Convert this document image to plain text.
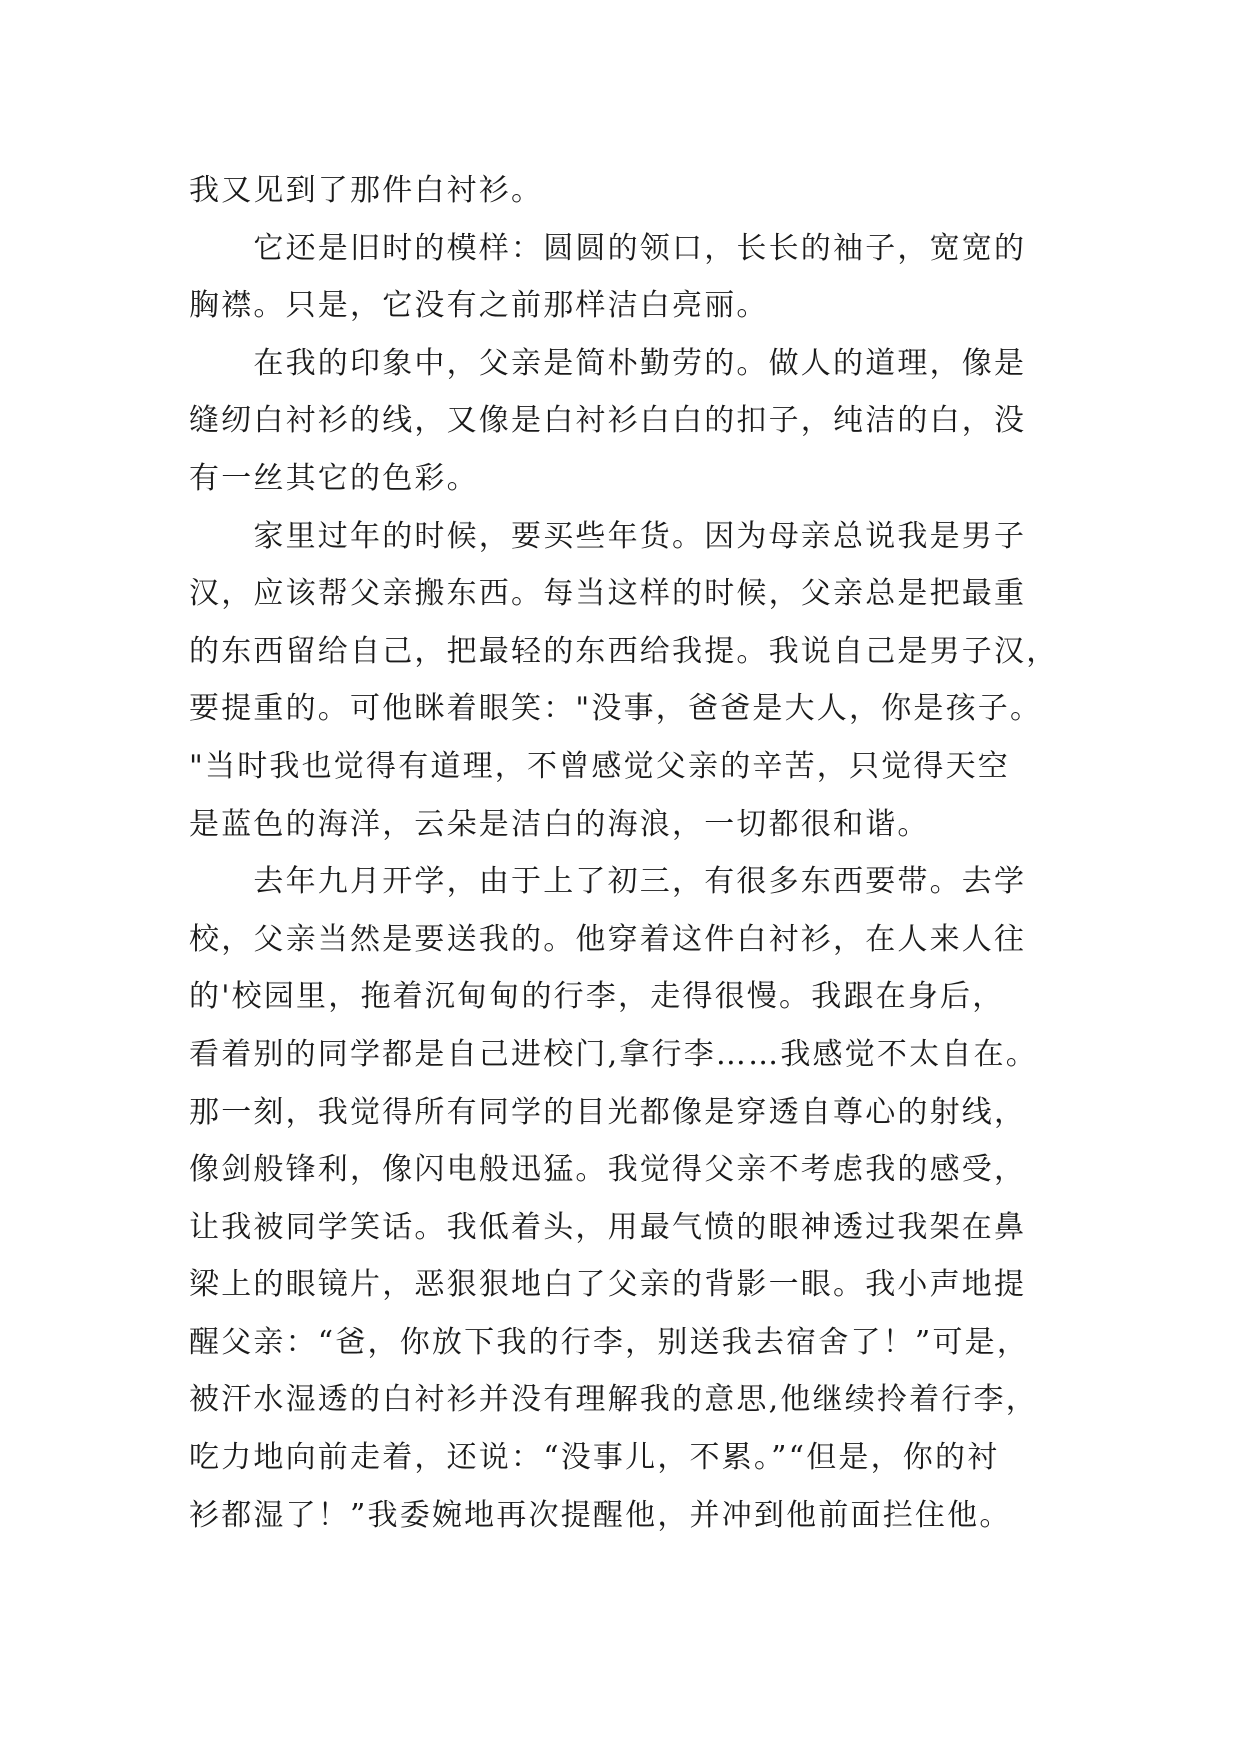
我又见到了那件白衬衫。
　　它还是旧时的模样：圆圆的领口，长长的袖子，宽宽的
胸襟。只是，它没有之前那样洁白亮丽。
　　在我的印象中，父亲是简朴勤劳的。做人的道理，像是
缝纫白衬衫的线，又像是白衬衫白白的扣子，纯洁的白，没
有一丝其它的色彩。
　　家里过年的时候，要买些年货。因为母亲总说我是男子
汉，应该帮父亲搬东西。每当这样的时候，父亲总是把最重
的东西留给自己，把最轻的东西给我提。我说自己是男子汉，
要提重的。可他眯着眼笑："没事，爸爸是大人，你是孩子。
"当时我也觉得有道理，不曾感觉父亲的辛苦，只觉得天空
是蓝色的海洋，云朵是洁白的海浪，一切都很和谐。
　　去年九月开学，由于上了初三，有很多东西要带。去学
校，父亲当然是要送我的。他穿着这件白衬衫，在人来人往
的'校园里，拖着沉甸甸的行李，走得很慢。我跟在身后，
看着别的同学都是自己进校门,拿行李……我感觉不太自在。
那一刻，我觉得所有同学的目光都像是穿透自尊心的射线，
像剑般锋利，像闪电般迅猛。我觉得父亲不考虑我的感受，
让我被同学笑话。我低着头，用最气愤的眼神透过我架在鼻
梁上的眼镜片，恶狠狠地白了父亲的背影一眼。我小声地提
醒父亲：“爸，你放下我的行李，别送我去宿舍了！”可是，
被汗水湿透的白衬衫并没有理解我的意思,他继续拎着行李，
吃力地向前走着，还说：“没事儿，不累。”“但是，你的衬
衫都湿了！”我委婉地再次提醒他，并冲到他前面拦住他。
